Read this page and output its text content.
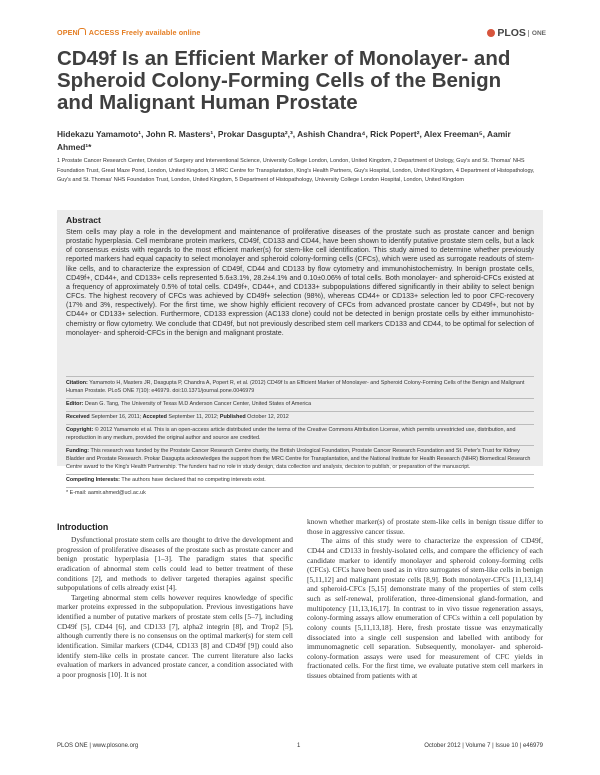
OPEN ACCESS Freely available online	PLOS ONE
CD49f Is an Efficient Marker of Monolayer- and Spheroid Colony-Forming Cells of the Benign and Malignant Human Prostate
Hidekazu Yamamoto¹, John R. Masters¹, Prokar Dasgupta²,³, Ashish Chandra⁴, Rick Popert², Alex Freeman⁵, Aamir Ahmed¹*
1 Prostate Cancer Research Center, Division of Surgery and Interventional Science, University College London, London, United Kingdom, 2 Department of Urology, Guy's and St. Thomas' NHS Foundation Trust, Great Maze Pond, London, United Kingdom, 3 MRC Centre for Transplantation, King's Health Partners, Guy's Hospital, London, United Kingdom, 4 Department of Histopathology, Guy's and St. Thomas' NHS Foundation Trust, London, United Kingdom, 5 Department of Histopathology, University College London Hospital, London, United Kingdom
Abstract
Stem cells may play a role in the development and maintenance of proliferative diseases of the prostate such as prostate cancer and benign prostatic hyperplasia. Cell membrane protein markers, CD49f, CD133 and CD44, have been shown to identify putative prostate stem cells, but a lack of consensus exists with regards to the most efficient marker(s) for stem-like cell identification. This study aimed to determine whether previously reported markers had equal capacity to select monolayer and spheroid colony-forming cells (CFCs), which were used as surrogate readouts of stem-like cells, and to characterize the expression of CD49f, CD44 and CD133 by flow cytometry and immunohistochemistry. In benign prostate cells, CD49f+, CD44+, and CD133+ cells represented 5.6±3.1%, 28.2±4.1% and 0.10±0.06% of total cells. Both monolayer- and spheroid-CFCs existed at a frequency of approximately 0.5% of total cells. CD49f+, CD44+, and CD133+ subpopulations differed significantly in their ability to select benign CFCs. The highest recovery of CFCs was achieved by CD49f+ selection (98%), whereas CD44+ or CD133+ selection led to poor CFC-recovery (17% and 3%, respectively). For the first time, we show highly efficient recovery of CFCs from advanced prostate cancer by CD49f+, but not by CD44+ or CD133+ selection. Furthermore, CD133 expression (AC133 clone) could not be detected in benign prostate cells by either immunohisto-chemistry or flow cytometry. We conclude that CD49f, but not previously described stem cell markers CD133 and CD44, to be optimal for selection of monolayer- and spheroid-CFCs in the benign and malignant prostate.
Citation: Yamamoto H, Masters JR, Dasgupta P, Chandra A, Popert R, et al. (2012) CD49f Is an Efficient Marker of Monolayer- and Spheroid Colony-Forming Cells of the Benign and Malignant Human Prostate. PLoS ONE 7(10): e46979. doi:10.1371/journal.pone.0046979
Editor: Dean G. Tang, The University of Texas M.D Anderson Cancer Center, United States of America
Received September 16, 2011; Accepted September 11, 2012; Published October 12, 2012
Copyright: © 2012 Yamamoto et al. This is an open-access article distributed under the terms of the Creative Commons Attribution License, which permits unrestricted use, distribution, and reproduction in any medium, provided the original author and source are credited.
Funding: This research was funded by the Prostate Cancer Research Centre charity, the British Urological Foundation, Prostate Cancer Research Foundation and St. Peter's Trust for Kidney Bladder and Prostate Research. Prokar Dasgupta acknowledges the support from the MRC Centre for Transplantation, and the National Institute for Health Research (NIHR) Biomedical Research Centre award to the King's Health Partnership. The funders had no role in study design, data collection and analysis, decision to publish, or preparation of the manuscript.
Competing Interests: The authors have declared that no competing interests exist.
* E-mail: aamir.ahmed@ucl.ac.uk
Introduction

Dysfunctional prostate stem cells are thought to drive the development and progression of proliferative diseases of the prostate such as prostate cancer and benign prostatic hyperplasia [1–3]. The paradigm states that specific eradication of abnormal stem cells could lead to better treatment of these conditions [2], and methods to deliver targeted therapies against specific subpopulations of cells already exist [4].

Targeting abnormal stem cells however requires knowledge of specific marker proteins expressed in the subpopulation. Previous investigations have identified a number of putative markers of prostate stem cells [5–7], including CD49f [5], CD44 [6], and CD133 [7], alpha2 integrin [8], and Trop2 [5], although currently there is no consensus on the optimal marker(s) for stem cell identification. Similar markers (CD44, CD133 [8] and CD49f [9]) could also identify stem-like cells in prostate cancer. The current literature also lacks evaluation of markers in advanced prostate cancer, a condition associated with a poor prognosis [10]. It is not

known whether marker(s) of prostate stem-like cells in benign tissue differ to those in aggressive cancer tissue.

The aims of this study were to characterize the expression of CD49f, CD44 and CD133 in freshly-isolated cells, and compare the efficiency of each candidate marker to identify monolayer and spheroid colony-forming cells (CFCs). CFCs have been used as in vitro surrogates of stem-like cells in benign [5,11,12] and malignant prostate cells [8,9]. Both monolayer-CFCs [11,13,14] and spheroid-CFCs [5,15] demonstrate many of the properties of stem cells such as self-renewal, proliferation, three-dimensional gland-formation, and multipotency [11,13,16,17]. In contrast to in vivo tissue regeneration assays, colony-forming assays allow enumeration of CFCs within a cell population by colony counts [5,11,13,18]. Here, fresh prostate tissue was enzymatically dissociated into a single cell suspension and labelled with antibody for immunomagnetic cell separation. Subsequently, monolayer- and spheroid-colony-formation assays were used for measurement of CFC yields in fractionated cells. For the first time, we evaluate putative stem cell markers in tissues obtained from patients with at

PLOS ONE | www.plosone.org	1	October 2012 | Volume 7 | Issue 10 | e46979
